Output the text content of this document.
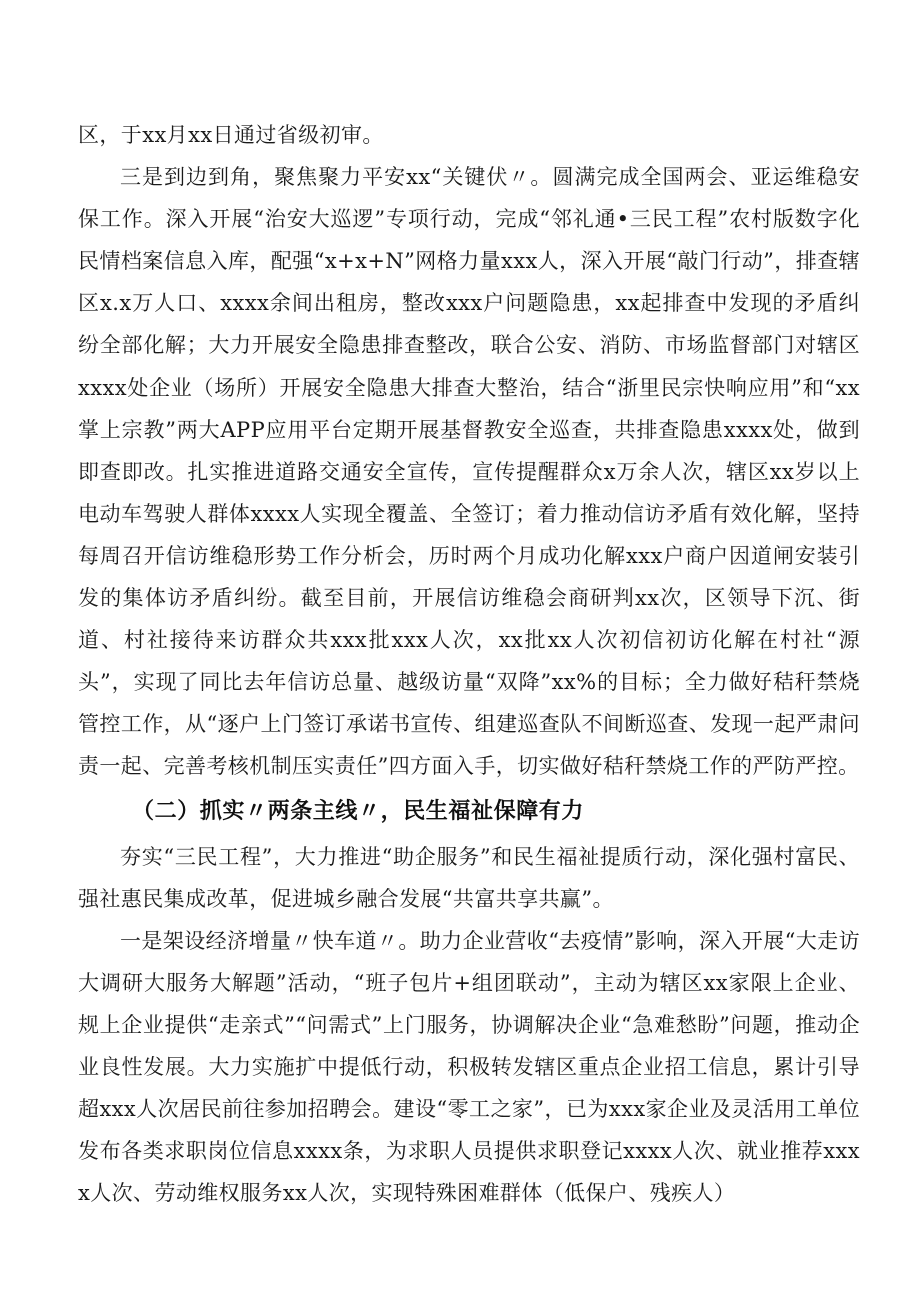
区，于xx月xx日通过省级初审。

三是到边到角，聚焦聚力平安xx“关键伏〃。圆满完成全国两会、亚运维稳安保工作。深入开展“治安大巡逻”专项行动，完成“邻礼通•三民工程”农村版数字化民情档案信息入库，配强“x+x+N”网格力量xxx人，深入开展“敲门行动”，排查辖区x.x万人口、xxxx余间出租房，整改xxx户问题隐患，xx起排查中发现的矛盾纠纷全部化解；大力开展安全隐患排查整改，联合公安、消防、市场监督部门对辖区xxxx处企业（场所）开展安全隐患大排查大整治，结合“浙里民宗快响应用”和“xx掌上宗教”两大APP应用平台定期开展基督教安全巡查，共排查隐患xxxx处，做到即查即改。扎实推进道路交通安全宣传，宣传提醒群众x万余人次，辖区xx岁以上电动车驾驶人群体xxxx人实现全覆盖、全签订；着力推动信访矛盾有效化解，坚持每周召开信访维稳形势工作分析会，历时两个月成功化解xxx户商户因道闸安装引发的集体访矛盾纠纷。截至目前，开展信访维稳会商研判xx次，区领导下沉、街道、村社接待来访群众共xxx批xxx人次，xx批xx人次初信初访化解在村社“源头”，实现了同比去年信访总量、越级访量“双降”xx%的目标；全力做好秸秆禁烧管控工作，从“逐户上门签订承诺书宣传、组建巡查队不间断巡查、发现一起严肃问责一起、完善考核机制压实责任”四方面入手，切实做好秸秆禁烧工作的严防严控。

（二）抓实〃两条主线〃，民生福祉保障有力

夯实“三民工程”，大力推进“助企服务”和民生福祉提质行动，深化强村富民、强社惠民集成改革，促进城乡融合发展“共富共享共赢”。

一是架设经济增量〃快车道〃。助力企业营收“去疫情”影响，深入开展“大走访大调研大服务大解题”活动，“班子包片+组团联动”，主动为辖区xx家限上企业、规上企业提供“走亲式”“问需式”上门服务，协调解决企业“急难愁盼”问题，推动企业良性发展。大力实施扩中提低行动，积极转发辖区重点企业招工信息，累计引导超xxx人次居民前往参加招聘会。建设“零工之家”，已为xxx家企业及灵活用工单位发布各类求职岗位信息xxxx条，为求职人员提供求职登记xxxx人次、就业推荐xxxx人次、劳动维权服务xx人次，实现特殊困难群体（低保户、残疾人）
